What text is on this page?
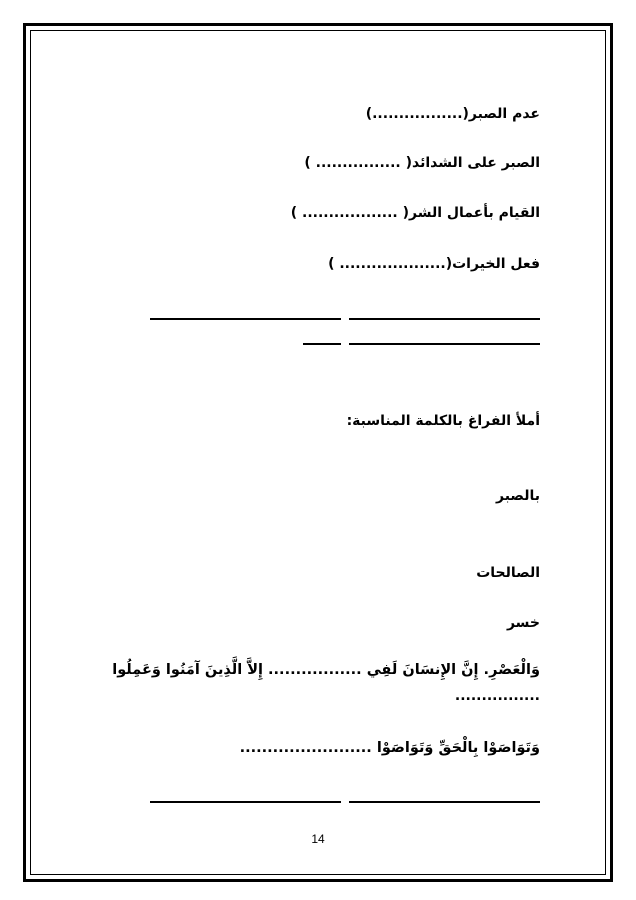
عدم الصبر(.................)
الصبر على الشدائد( ................ )
القيام بأعمال الشر( .................. )
فعل الخيرات(.................... )
أملأ الفراغ بالكلمة المناسبة:
بالصبر
الصالحات
خسر
وَالْعَصْرِ. إِنَّ الإِنسَانَ لَفِي ................. إِلاَّ الَّذِينَ آمَنُوا وَعَمِلُوا
................
وَتَوَاصَوْا بِالْحَقِّ وَتَوَاصَوْا ........................
14
